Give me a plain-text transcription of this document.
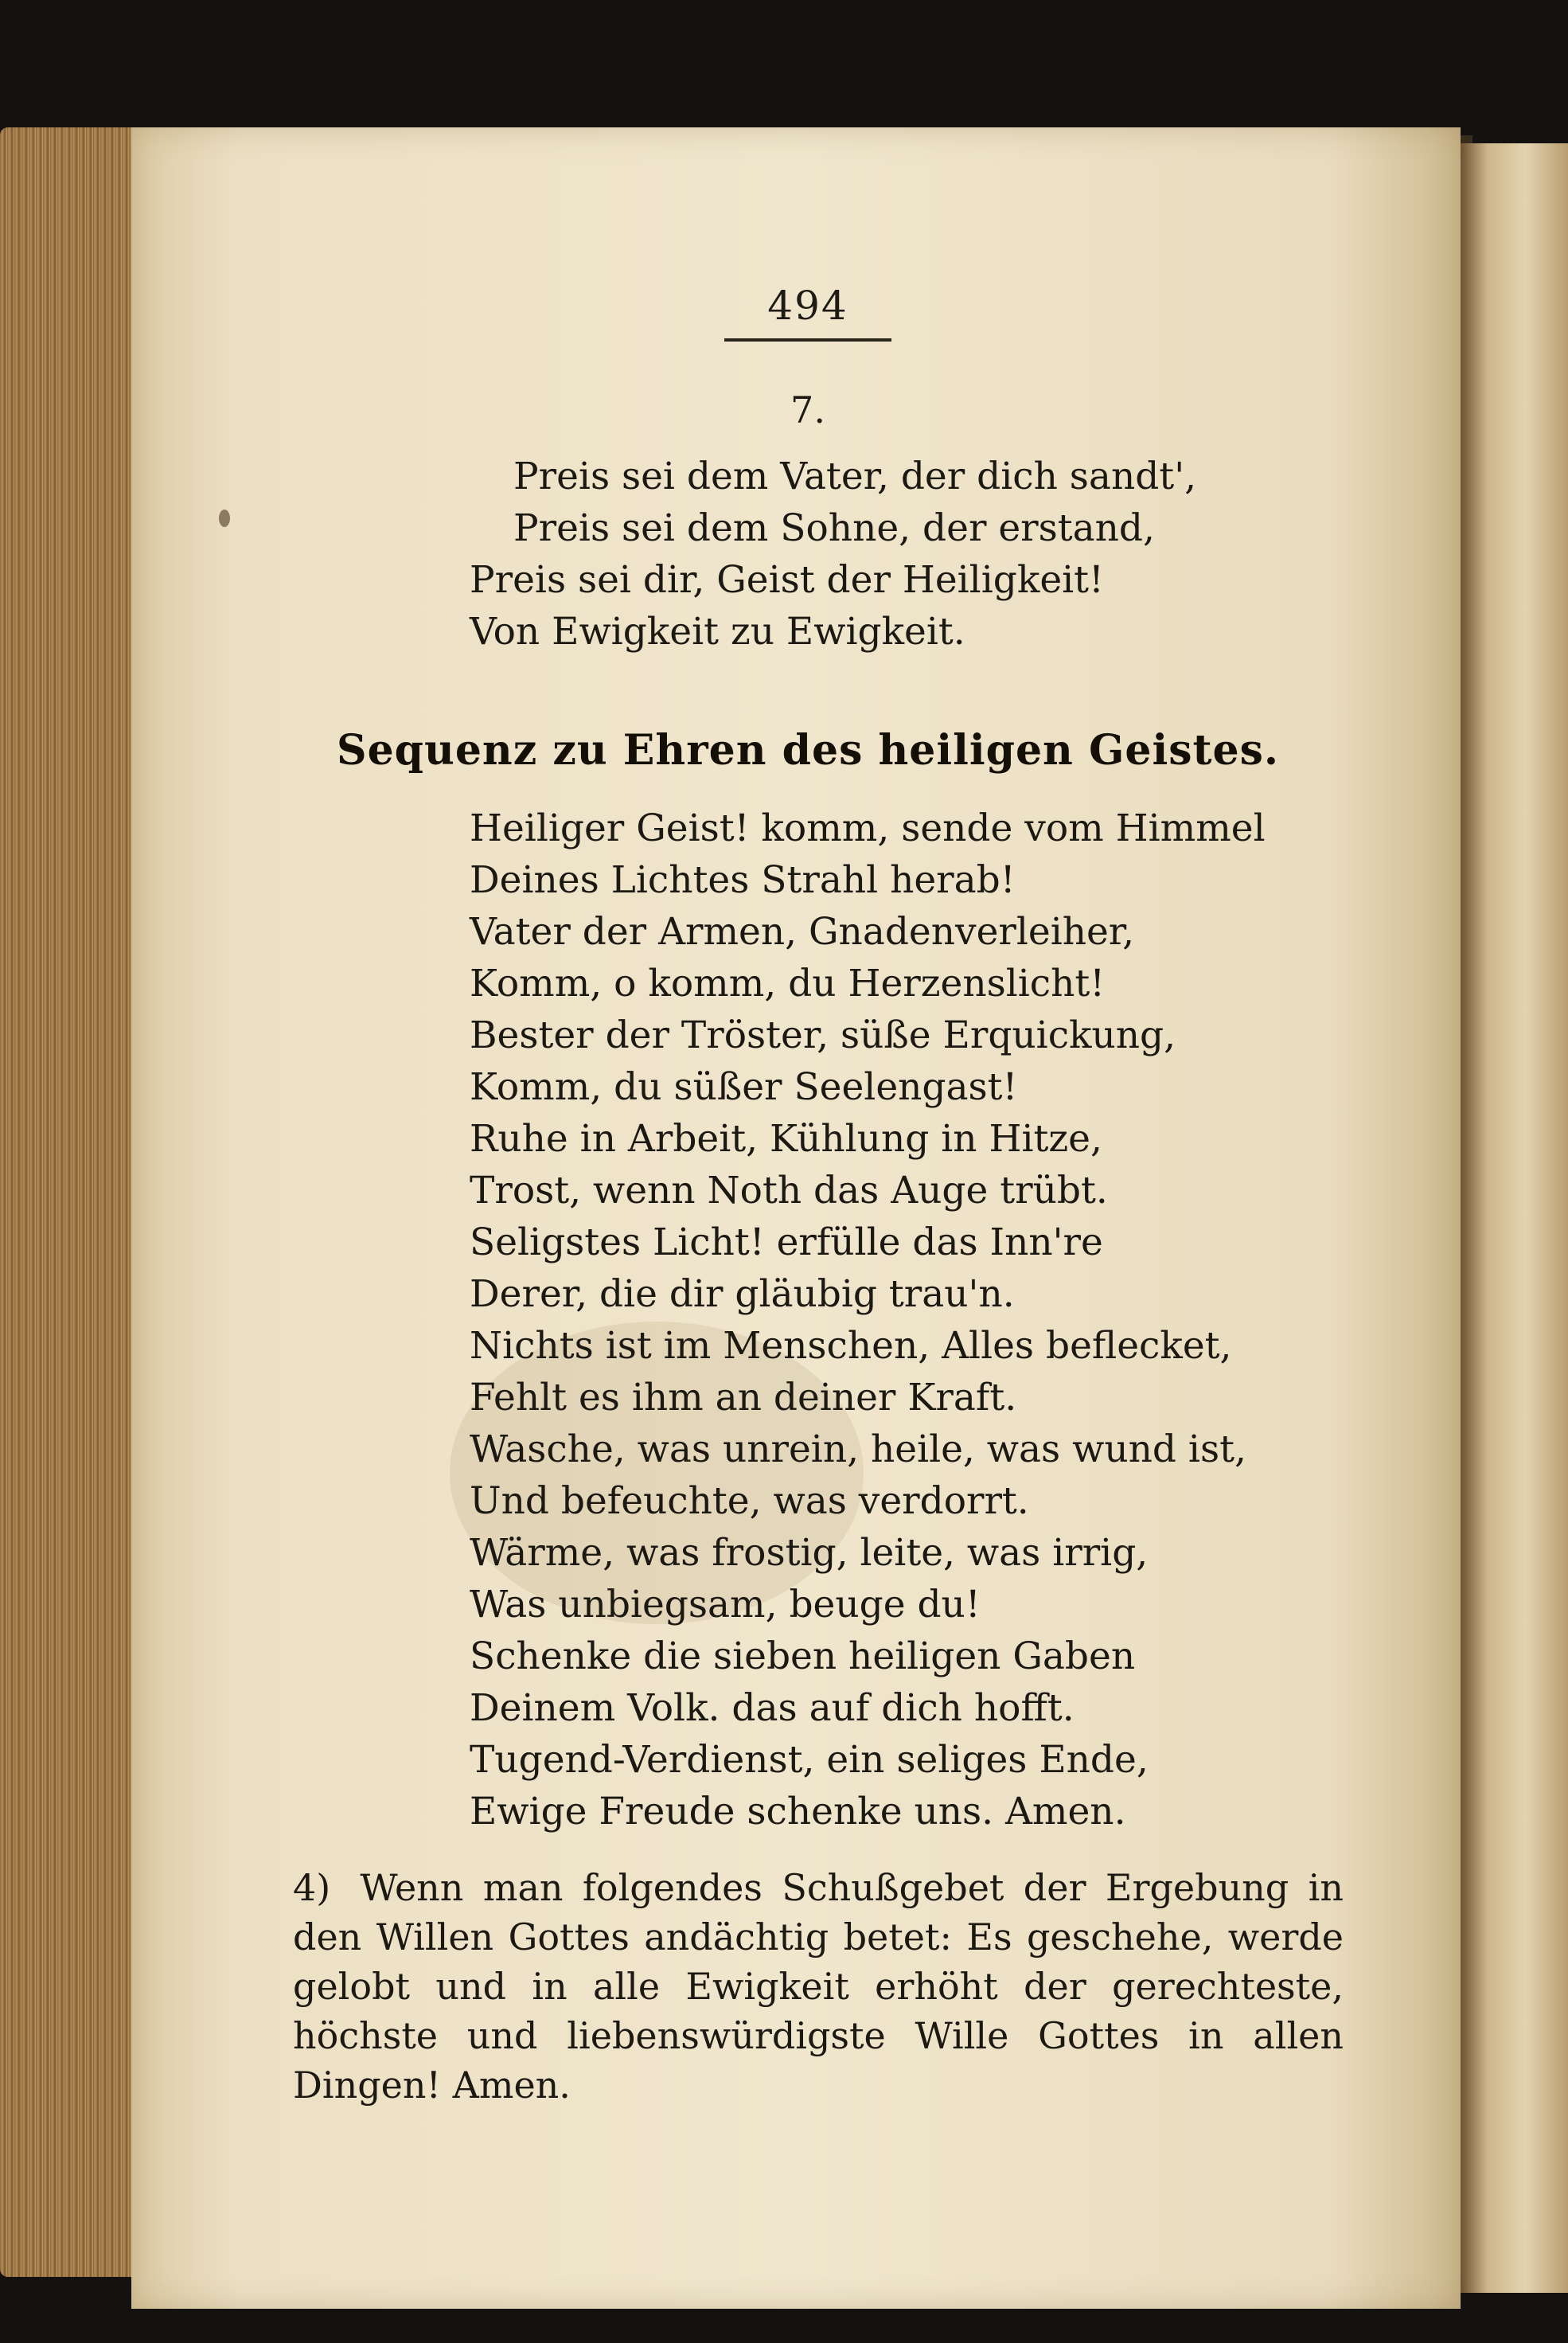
494
7.
Preis sei dem Vater, der dich sandt',
Preis sei dem Sohne, der erstand,
Preis sei dir, Geist der Heiligkeit!
Von Ewigkeit zu Ewigkeit.
Sequenz zu Ehren des heiligen Geistes.
Heiliger Geist! komm, sende vom Himmel
Deines Lichtes Strahl herab!
Vater der Armen, Gnadenverleiher,
Komm, o komm, du Herzenslicht!
Bester der Tröster, süße Erquickung,
Komm, du süßer Seelengast!
Ruhe in Arbeit, Kühlung in Hitze,
Trost, wenn Noth das Auge trübt.
Seligstes Licht! erfülle das Inn're
Derer, die dir gläubig trau'n.
Nichts ist im Menschen, Alles beflecket,
Fehlt es ihm an deiner Kraft.
Wasche, was unrein, heile, was wund ist,
Und befeuchte, was verdorrt.
Wärme, was frostig, leite, was irrig,
Was unbiegsam, beuge du!
Schenke die sieben heiligen Gaben
Deinem Volk. das auf dich hofft.
Tugend-Verdienst, ein seliges Ende,
Ewige Freude schenke uns. Amen.

4) Wenn man folgendes Schußgebet der Ergebung in den Willen Gottes andächtig betet: Es geschehe, werde gelobt und in alle Ewigkeit erhöht der gerechteste, höchste und liebenswürdigste Wille Gottes in allen Dingen! Amen.
